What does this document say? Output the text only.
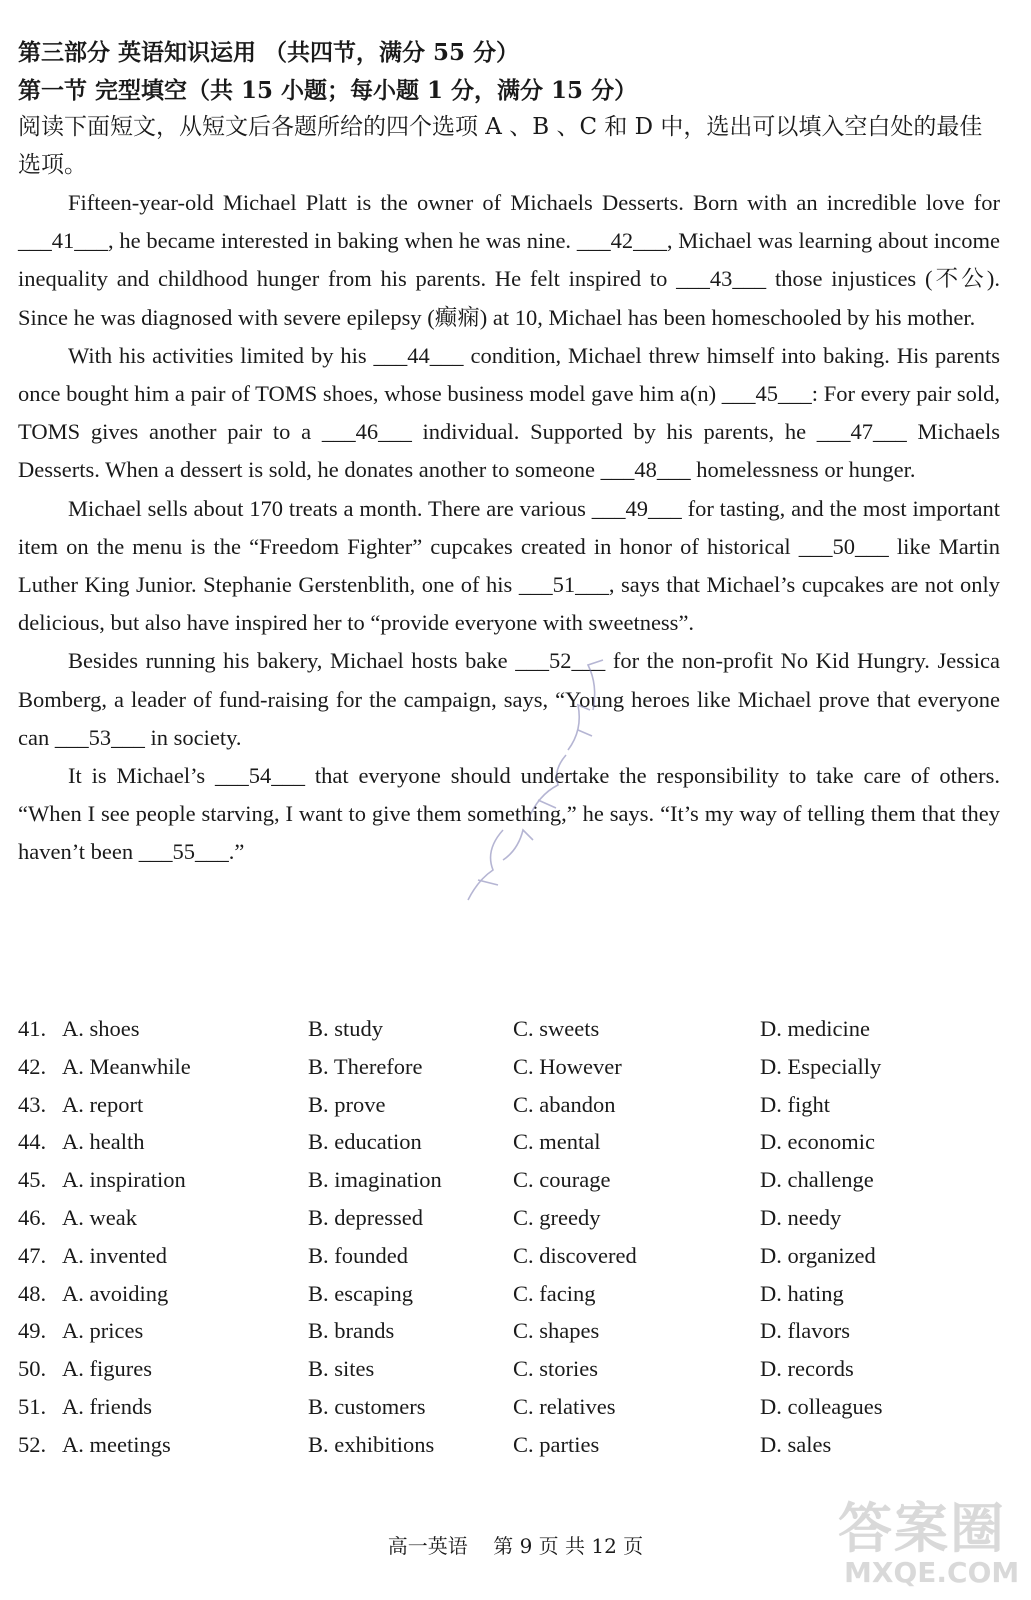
第三部分 英语知识运用 （共四节，满分 55 分）
第一节 完型填空（共 15 小题；每小题 1 分，满分 15 分）
阅读下面短文，从短文后各题所给的四个选项 A 、B 、C 和 D 中，选出可以填入空白处的最佳选项。

Fifteen-year-old Michael Platt is the owner of Michaels Desserts. Born with an incredible love for ___41___, he became interested in baking when he was nine. ___42___, Michael was learning about income inequality and childhood hunger from his parents. He felt inspired to ___43___ those injustices (不公). Since he was diagnosed with severe epilepsy (癫痫) at 10, Michael has been homeschooled by his mother.

With his activities limited by his ___44___ condition, Michael threw himself into baking. His parents once bought him a pair of TOMS shoes, whose business model gave him a(n) ___45___: For every pair sold, TOMS gives another pair to a ___46___ individual. Supported by his parents, he ___47___ Michaels Desserts. When a dessert is sold, he donates another to someone ___48___ homelessness or hunger.

Michael sells about 170 treats a month. There are various ___49___ for tasting, and the most important item on the menu is the “Freedom Fighter” cupcakes created in honor of historical ___50___ like Martin Luther King Junior. Stephanie Gerstenblith, one of his ___51___, says that Michael’s cupcakes are not only delicious, but also have inspired her to “provide everyone with sweetness”.

Besides running his bakery, Michael hosts bake ___52___ for the non-profit No Kid Hungry. Jessica Bomberg, a leader of fund-raising for the campaign, says, “Young heroes like Michael prove that everyone can ___53___ in society.

It is Michael’s ___54___ that everyone should undertake the responsibility to take care of others. “When I see people starving, I want to give them something,” he says. “It’s my way of telling them that they haven’t been ___55___.”

41. A. shoes	B. study	C. sweets	D. medicine
42. A. Meanwhile	B. Therefore	C. However	D. Especially
43. A. report	B. prove	C. abandon	D. fight
44. A. health	B. education	C. mental	D. economic
45. A. inspiration	B. imagination	C. courage	D. challenge
46. A. weak	B. depressed	C. greedy	D. needy
47. A. invented	B. founded	C. discovered	D. organized
48. A. avoiding	B. escaping	C. facing	D. hating
49. A. prices	B. brands	C. shapes	D. flavors
50. A. figures	B. sites	C. stories	D. records
51. A. friends	B. customers	C. relatives	D. colleagues
52. A. meetings	B. exhibitions	C. parties	D. sales
高一英语    第 9 页 共 12 页	答案圈
MXQE.COM
